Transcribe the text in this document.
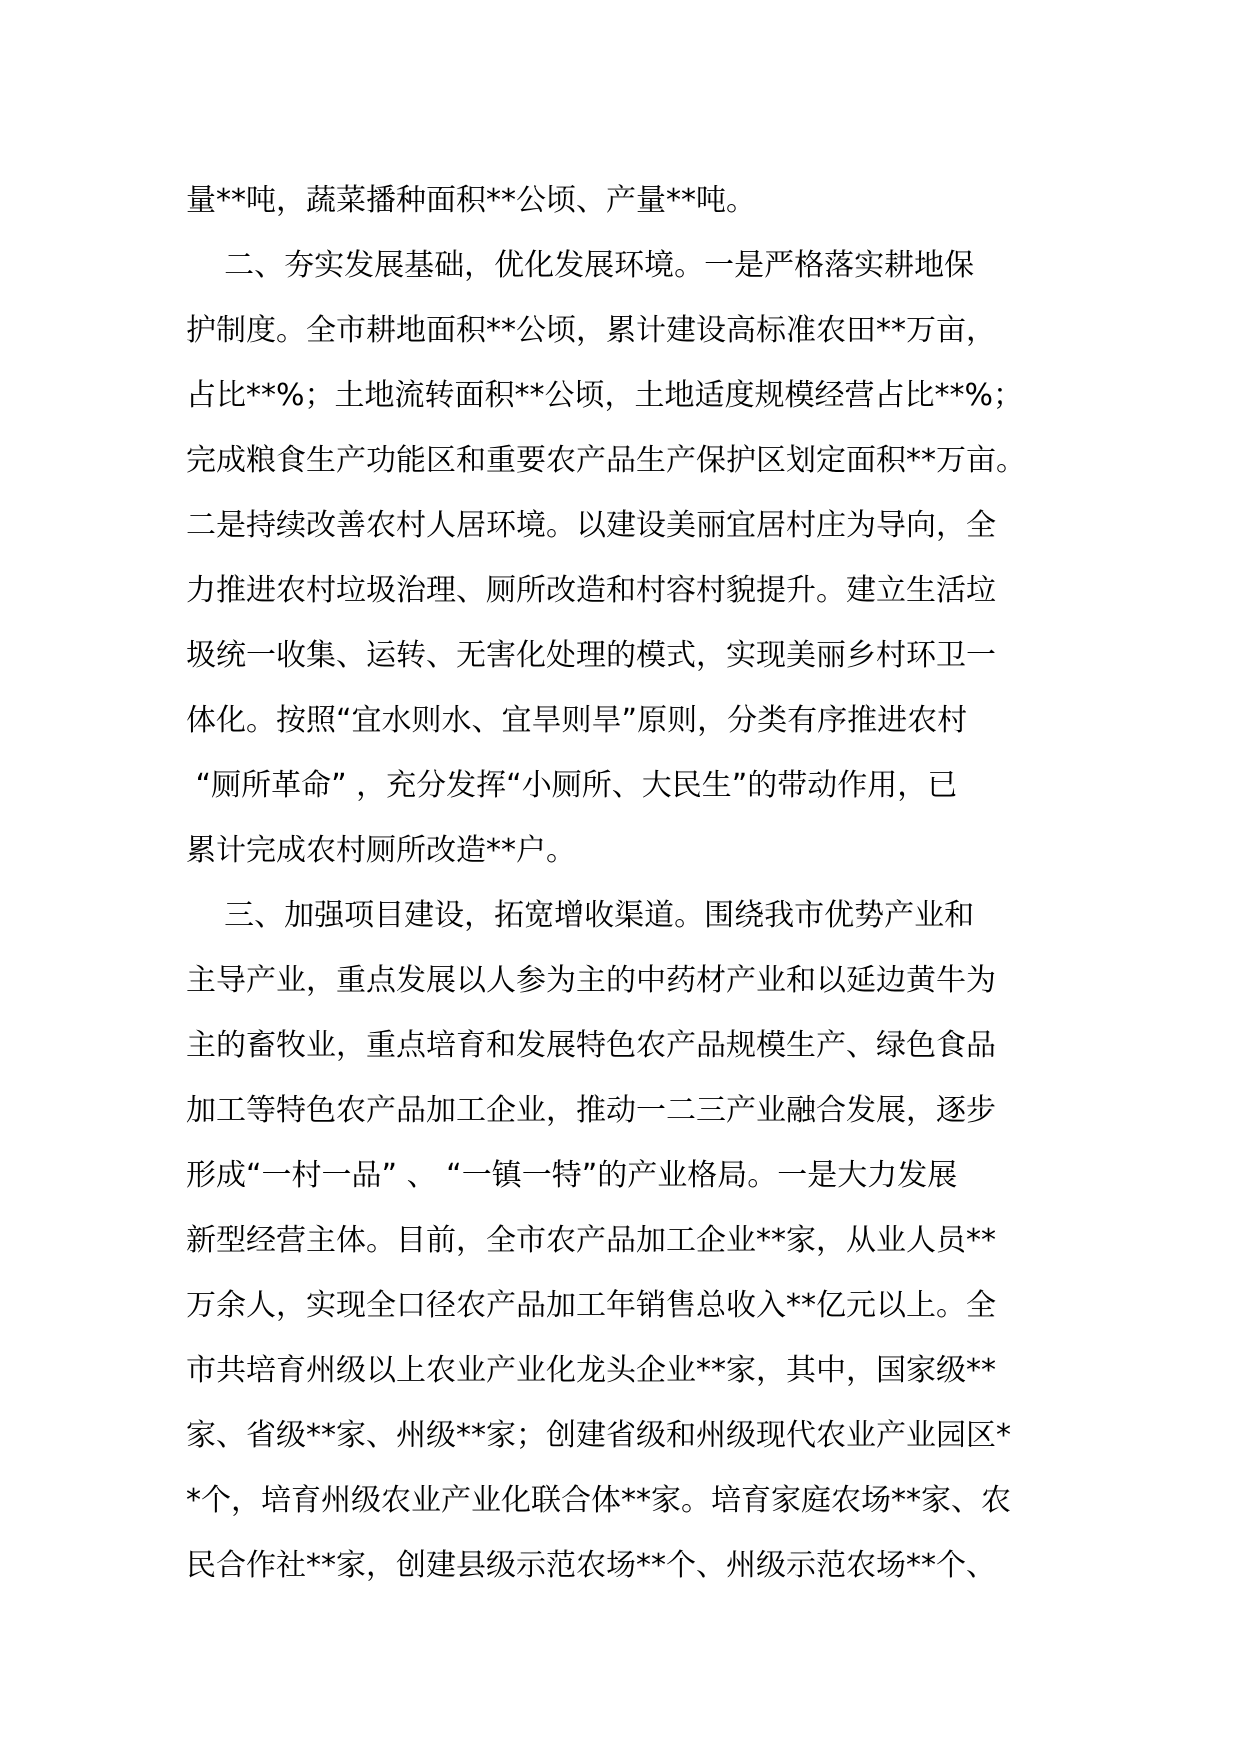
量**吨，蔬菜播种面积**公顷、产量**吨。
二、夯实发展基础，优化发展环境。一是严格落实耕地保
护制度。全市耕地面积**公顷，累计建设高标准农田**万亩，
占比**%；土地流转面积**公顷，土地适度规模经营占比**%；
完成粮食生产功能区和重要农产品生产保护区划定面积**万亩。
二是持续改善农村人居环境。以建设美丽宜居村庄为导向，全
力推进农村垃圾治理、厕所改造和村容村貌提升。建立生活垃
圾统一收集、运转、无害化处理的模式，实现美丽乡村环卫一
体化。按照“宜水则水、宜旱则旱”原则，分类有序推进农村
“厕所革命” ，充分发挥“小厕所、大民生”的带动作用，已
累计完成农村厕所改造**户。
三、加强项目建设，拓宽增收渠道。围绕我市优势产业和
主导产业，重点发展以人参为主的中药材产业和以延边黄牛为
主的畜牧业，重点培育和发展特色农产品规模生产、绿色食品
加工等特色农产品加工企业，推动一二三产业融合发展，逐步
形成“一村一品” 、 “一镇一特”的产业格局。一是大力发展
新型经营主体。目前，全市农产品加工企业**家，从业人员**
万余人，实现全口径农产品加工年销售总收入**亿元以上。全
市共培育州级以上农业产业化龙头企业**家，其中，国家级**
家、省级**家、州级**家；创建省级和州级现代农业产业园区*
*个，培育州级农业产业化联合体**家。培育家庭农场**家、农
民合作社**家，创建县级示范农场**个、州级示范农场**个、
